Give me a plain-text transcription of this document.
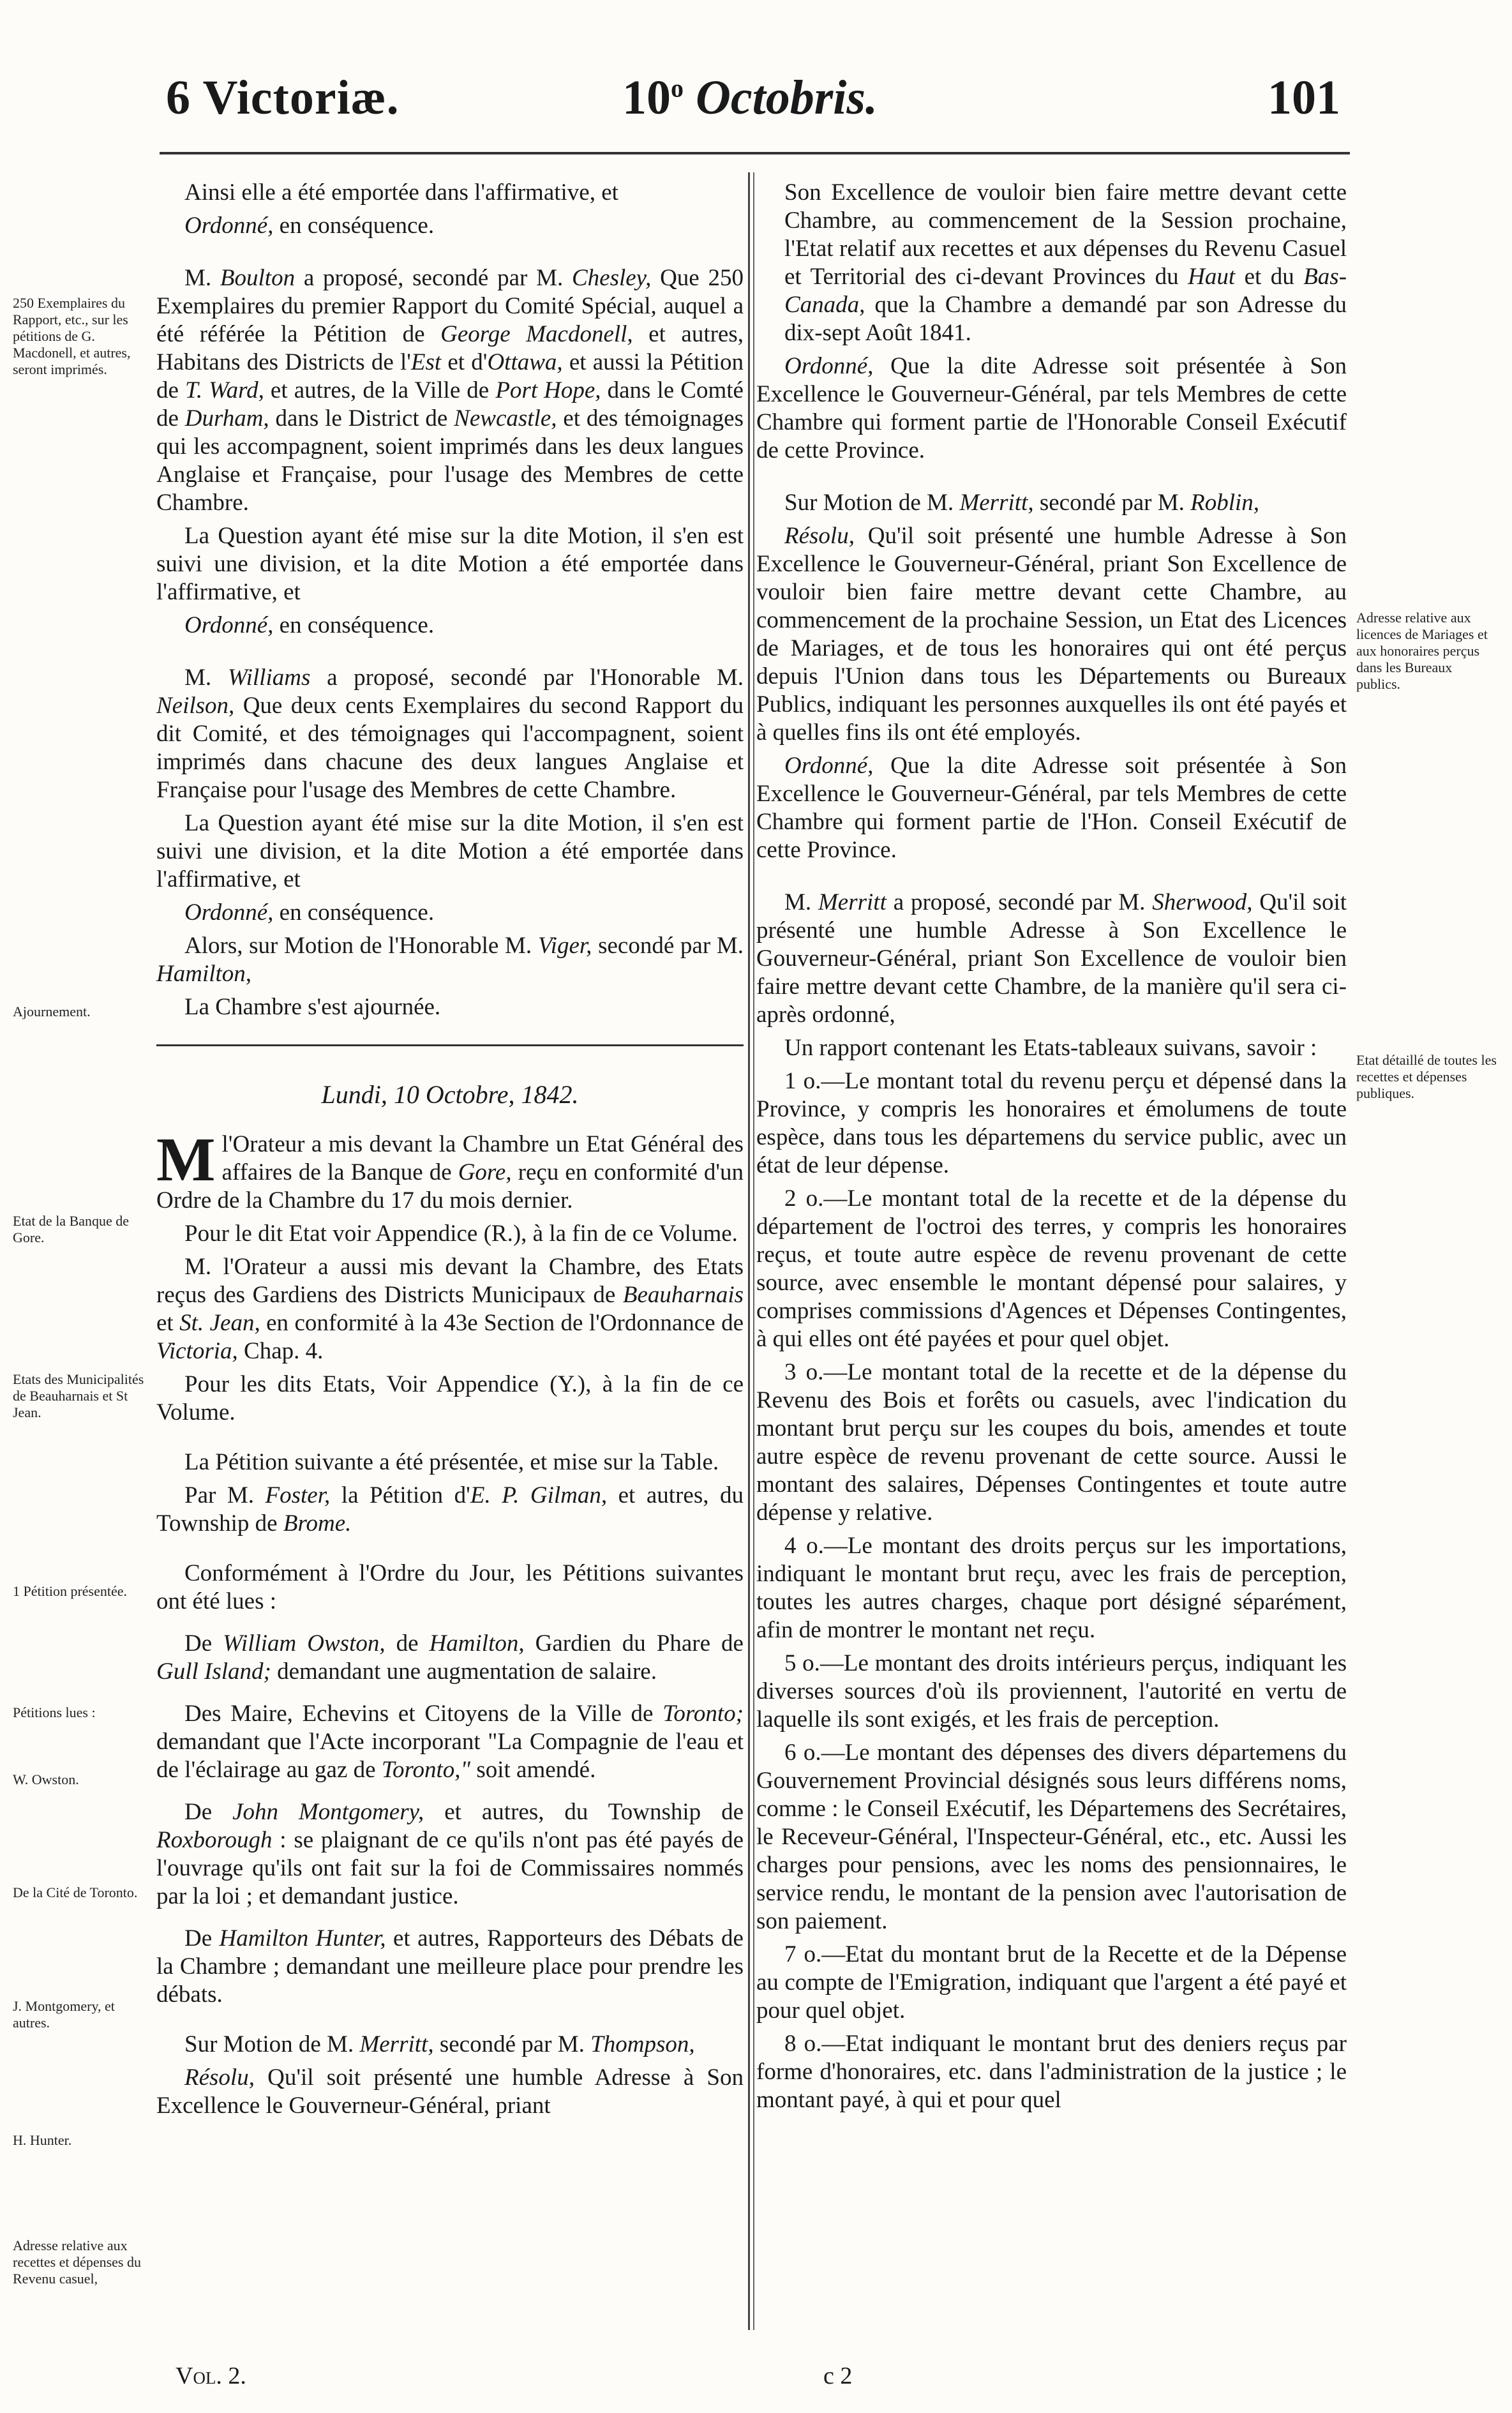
6 Victoriæ.	10$^o$ Octobris.	101
250 Exemplaires du Rapport, etc., sur les pétitions de G. Macdonell, et autres, seront imprimés.
Ajournement.
Etat de la Banque de Gore.
Etats des Municipalités de Beauharnais et St Jean.
1 Pétition présentée.
Pétitions lues :
W. Owston.
De la Cité de Toronto.
J. Montgomery, et autres.
H. Hunter.
Adresse relative aux recettes et dépenses du Revenu casuel,
Adresse relative aux licences de Mariages et aux honoraires perçus dans les Bureaux publics.
Etat détaillé de toutes les recettes et dépenses publiques.

Ainsi elle a été emportée dans l'affirmative, et

Ordonné, en conséquence.

M. Boulton a proposé, secondé par M. Chesley, Que 250 Exemplaires du premier Rapport du Comité Spécial, auquel a été référée la Pétition de George Macdonell, et autres, Habitans des Districts de l'Est et d'Ottawa, et aussi la Pétition de T. Ward, et autres, de la Ville de Port Hope, dans le Comté de Durham, dans le District de Newcastle, et des témoignages qui les accompagnent, soient imprimés dans les deux langues Anglaise et Française, pour l'usage des Membres de cette Chambre.

La Question ayant été mise sur la dite Motion, il s'en est suivi une division, et la dite Motion a été emportée dans l'affirmative, et

Ordonné, en conséquence.

M. Williams a proposé, secondé par l'Honorable M. Neilson, Que deux cents Exemplaires du second Rapport du dit Comité, et des témoignages qui l'accompagnent, soient imprimés dans chacune des deux langues Anglaise et Française pour l'usage des Membres de cette Chambre.

La Question ayant été mise sur la dite Motion, il s'en est suivi une division, et la dite Motion a été emportée dans l'affirmative, et

Ordonné, en conséquence.

Alors, sur Motion de l'Honorable M. Viger, secondé par M. Hamilton,

La Chambre s'est ajournée.

Lundi, 10 Octobre, 1842.

Ml'Orateur a mis devant la Chambre un Etat Général des affaires de la Banque de Gore, reçu en conformité d'un Ordre de la Chambre du 17 du mois dernier.

Pour le dit Etat voir Appendice (R.), à la fin de ce Volume.

M. l'Orateur a aussi mis devant la Chambre, des Etats reçus des Gardiens des Districts Municipaux de Beauharnais et St. Jean, en conformité à la 43e Section de l'Ordonnance de Victoria, Chap. 4.

Pour les dits Etats, Voir Appendice (Y.), à la fin de ce Volume.

La Pétition suivante a été présentée, et mise sur la Table.

Par M. Foster, la Pétition d'E. P. Gilman, et autres, du Township de Brome.

Conformément à l'Ordre du Jour, les Pétitions suivantes ont été lues :

De William Owston, de Hamilton, Gardien du Phare de Gull Island; demandant une augmentation de salaire.

Des Maire, Echevins et Citoyens de la Ville de Toronto; demandant que l'Acte incorporant "La Compagnie de l'eau et de l'éclairage au gaz de Toronto," soit amendé.

De John Montgomery, et autres, du Township de Roxborough : se plaignant de ce qu'ils n'ont pas été payés de l'ouvrage qu'ils ont fait sur la foi de Commissaires nommés par la loi ; et demandant justice.

De Hamilton Hunter, et autres, Rapporteurs des Débats de la Chambre ; demandant une meilleure place pour prendre les débats.

Sur Motion de M. Merritt, secondé par M. Thompson,

Résolu, Qu'il soit présenté une humble Adresse à Son Excellence le Gouverneur-Général, priant

Son Excellence de vouloir bien faire mettre devant cette Chambre, au commencement de la Session prochaine, l'Etat relatif aux recettes et aux dépenses du Revenu Casuel et Territorial des ci-devant Provinces du Haut et du Bas-Canada, que la Chambre a demandé par son Adresse du dix-sept Août 1841.

Ordonné, Que la dite Adresse soit présentée à Son Excellence le Gouverneur-Général, par tels Membres de cette Chambre qui forment partie de l'Honorable Conseil Exécutif de cette Province.

Sur Motion de M. Merritt, secondé par M. Roblin,

Résolu, Qu'il soit présenté une humble Adresse à Son Excellence le Gouverneur-Général, priant Son Excellence de vouloir bien faire mettre devant cette Chambre, au commencement de la prochaine Session, un Etat des Licences de Mariages, et de tous les honoraires qui ont été perçus depuis l'Union dans tous les Départements ou Bureaux Publics, indiquant les personnes auxquelles ils ont été payés et à quelles fins ils ont été employés.

Ordonné, Que la dite Adresse soit présentée à Son Excellence le Gouverneur-Général, par tels Membres de cette Chambre qui forment partie de l'Hon. Conseil Exécutif de cette Province.

M. Merritt a proposé, secondé par M. Sherwood, Qu'il soit présenté une humble Adresse à Son Excellence le Gouverneur-Général, priant Son Excellence de vouloir bien faire mettre devant cette Chambre, de la manière qu'il sera ci-après ordonné,

Un rapport contenant les Etats-tableaux suivans, savoir :

1 o.—Le montant total du revenu perçu et dépensé dans la Province, y compris les honoraires et émolumens de toute espèce, dans tous les départemens du service public, avec un état de leur dépense.

2 o.—Le montant total de la recette et de la dépense du département de l'octroi des terres, y compris les honoraires reçus, et toute autre espèce de revenu provenant de cette source, avec ensemble le montant dépensé pour salaires, y comprises commissions d'Agences et Dépenses Contingentes, à qui elles ont été payées et pour quel objet.

3 o.—Le montant total de la recette et de la dépense du Revenu des Bois et forêts ou casuels, avec l'indication du montant brut perçu sur les coupes du bois, amendes et toute autre espèce de revenu provenant de cette source. Aussi le montant des salaires, Dépenses Contingentes et toute autre dépense y relative.

4 o.—Le montant des droits perçus sur les importations, indiquant le montant brut reçu, avec les frais de perception, toutes les autres charges, chaque port désigné séparément, afin de montrer le montant net reçu.

5 o.—Le montant des droits intérieurs perçus, indiquant les diverses sources d'où ils proviennent, l'autorité en vertu de laquelle ils sont exigés, et les frais de perception.

6 o.—Le montant des dépenses des divers départemens du Gouvernement Provincial désignés sous leurs différens noms, comme : le Conseil Exécutif, les Départemens des Secrétaires, le Receveur-Général, l'Inspecteur-Général, etc., etc. Aussi les charges pour pensions, avec les noms des pensionnaires, le service rendu, le montant de la pension avec l'autorisation de son paiement.

7 o.—Etat du montant brut de la Recette et de la Dépense au compte de l'Emigration, indiquant que l'argent a été payé et pour quel objet.

8 o.—Etat indiquant le montant brut des deniers reçus par forme d'honoraires, etc. dans l'administration de la justice ; le montant payé, à qui et pour quel

Vol. 2.	c 2
